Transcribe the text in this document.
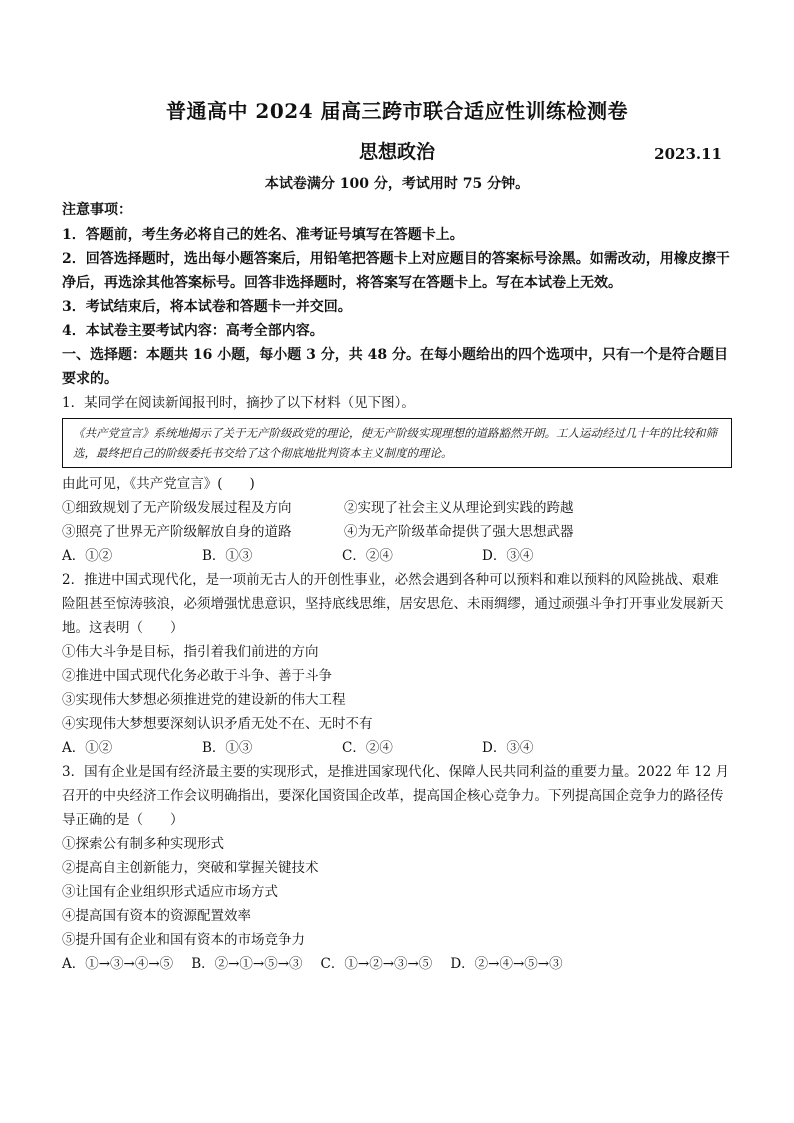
普通高中 2024 届高三跨市联合适应性训练检测卷
思想政治	2023.11
本试卷满分 100 分，考试用时 75 分钟。
注意事项：
1．答题前，考生务必将自己的姓名、准考证号填写在答题卡上。
2．回答选择题时，选出每小题答案后，用铅笔把答题卡上对应题目的答案标号涂黑。如需改动，用橡皮擦干净后，再选涂其他答案标号。回答非选择题时，将答案写在答题卡上。写在本试卷上无效。
3．考试结束后，将本试卷和答题卡一并交回。
4．本试卷主要考试内容：高考全部内容。
一、选择题：本题共 16 小题，每小题 3 分，共 48 分。在每小题给出的四个选项中，只有一个是符合题目要求的。
1．某同学在阅读新闻报刊时，摘抄了以下材料（见下图）。
《共产党宣言》系统地揭示了关于无产阶级政党的理论，使无产阶级实现理想的道路豁然开朗。工人运动经过几十年的比较和筛选，最终把自己的阶级委托书交给了这个彻底地批判资本主义制度的理论。
由此可见，《共产党宣言》(　　)
①细致规划了无产阶级发展过程及方向	②实现了社会主义从理论到实践的跨越
③照亮了世界无产阶级解放自身的道路	④为无产阶级革命提供了强大思想武器
A．①②	B．①③	C．②④	D．③④
2．推进中国式现代化，是一项前无古人的开创性事业，必然会遇到各种可以预料和难以预料的风险挑战、艰难险阻甚至惊涛骇浪，必须增强忧患意识，坚持底线思维，居安思危、未雨绸缪，通过顽强斗争打开事业发展新天地。这表明（　　）
①伟大斗争是目标，指引着我们前进的方向
②推进中国式现代化务必敢于斗争、善于斗争
③实现伟大梦想必须推进党的建设新的伟大工程
④实现伟大梦想要深刻认识矛盾无处不在、无时不有
A．①②	B．①③	C．②④	D．③④
3．国有企业是国有经济最主要的实现形式，是推进国家现代化、保障人民共同利益的重要力量。2022 年 12 月召开的中央经济工作会议明确指出，要深化国资国企改革，提高国企核心竞争力。下列提高国企竞争力的路径传导正确的是（　　）
①探索公有制多种实现形式
②提高自主创新能力，突破和掌握关键技术
③让国有企业组织形式适应市场方式
④提高国有资本的资源配置效率
⑤提升国有企业和国有资本的市场竞争力
A．①→③→④→⑤ B．②→①→⑤→③ C．①→②→③→⑤ D．②→④→⑤→③
